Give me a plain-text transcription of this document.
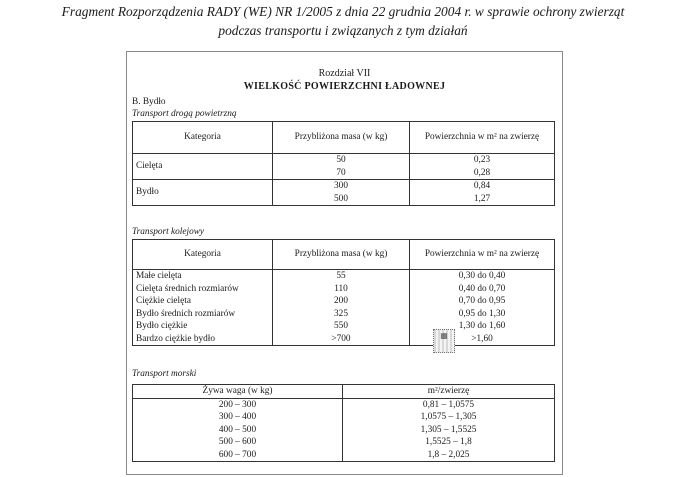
Fragment Rozporządzenia RADY (WE) NR 1/2005 z dnia 22 grudnia 2004 r. w sprawie ochrony zwierząt
podczas transportu i związanych z tym działań
Rozdział VII
WIELKOŚĆ POWIERZCHNI ŁADOWNEJ
B. Bydło
Transport drogą powietrzną
Kategoria	Przybliżona masa (w kg)	Powierzchnia w m² na zwierzę
Cielęta	50	0,23
	70	0,28
Bydło	300	0,84
	500	1,27
Transport kolejowy
Kategoria	Przybliżona masa (w kg)	Powierzchnia w m² na zwierzę
Małe cielęta	55	0,30 do 0,40
Cielęta średnich rozmiarów	110	0,40 do 0,70
Ciężkie cielęta	200	0,70 do 0,95
Bydło średnich rozmiarów	325	0,95 do 1,30
Bydło ciężkie	550	1,30 do 1,60
Bardzo ciężkie bydło	>700	>1,60
▦
Transport morski
Żywa waga (w kg)	m²/zwierzę
200 – 300	0,81 – 1,0575
300 – 400	1,0575 – 1,305
400 – 500	1,305 – 1,5525
500 – 600	1,5525 – 1,8
600 – 700	1,8 – 2,025
